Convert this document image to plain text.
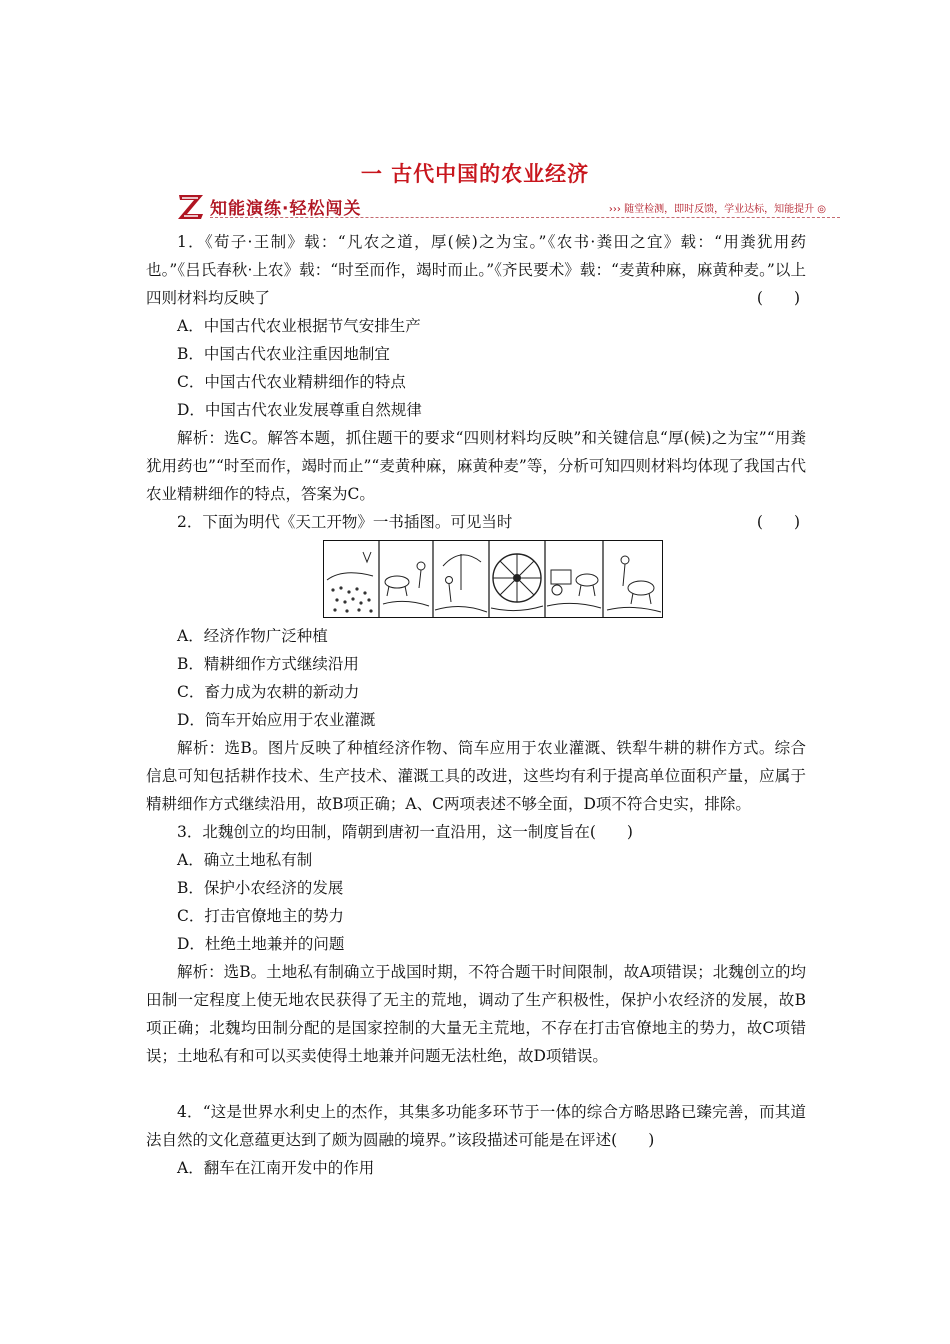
一 古代中国的农业经济
知能演练·轻松闯关	››› 随堂检测，即时反馈，学业达标，知能提升 ◎

1．《荀子·王制》载：“凡农之道，厚(候)之为宝。”《农书·粪田之宜》载：“用粪犹用药也。”《吕氏春秋·上农》载：“时至而作，竭时而止。”《齐民要术》载：“麦黄种麻，麻黄种麦。”以上四则材料均反映了	(　　)

A．中国古代农业根据节气安排生产

B．中国古代农业注重因地制宜

C．中国古代农业精耕细作的特点

D．中国古代农业发展尊重自然规律

解析：选C。解答本题，抓住题干的要求“四则材料均反映”和关键信息“厚(候)之为宝”“用粪犹用药也”“时至而作，竭时而止”“麦黄种麻，麻黄种麦”等，分析可知四则材料均体现了我国古代农业精耕细作的特点，答案为C。

2．下面为明代《天工开物》一书插图。可见当时	(　　)

A．经济作物广泛种植

B．精耕细作方式继续沿用

C．畜力成为农耕的新动力

D．筒车开始应用于农业灌溉

解析：选B。图片反映了种植经济作物、筒车应用于农业灌溉、铁犁牛耕的耕作方式。综合信息可知包括耕作技术、生产技术、灌溉工具的改进，这些均有利于提高单位面积产量，应属于精耕细作方式继续沿用，故B项正确；A、C两项表述不够全面，D项不符合史实，排除。

3．北魏创立的均田制，隋朝到唐初一直沿用，这一制度旨在(　　)

A．确立土地私有制

B．保护小农经济的发展

C．打击官僚地主的势力

D．杜绝土地兼并的问题

解析：选B。土地私有制确立于战国时期，不符合题干时间限制，故A项错误；北魏创立的均田制一定程度上使无地农民获得了无主的荒地，调动了生产积极性，保护小农经济的发展，故B项正确；北魏均田制分配的是国家控制的大量无主荒地，不存在打击官僚地主的势力，故C项错误；土地私有和可以买卖使得土地兼并问题无法杜绝，故D项错误。

4．“这是世界水利史上的杰作，其集多功能多环节于一体的综合方略思路已臻完善，而其道法自然的文化意蕴更达到了颇为圆融的境界。”该段描述可能是在评述(　　)

A．翻车在江南开发中的作用
